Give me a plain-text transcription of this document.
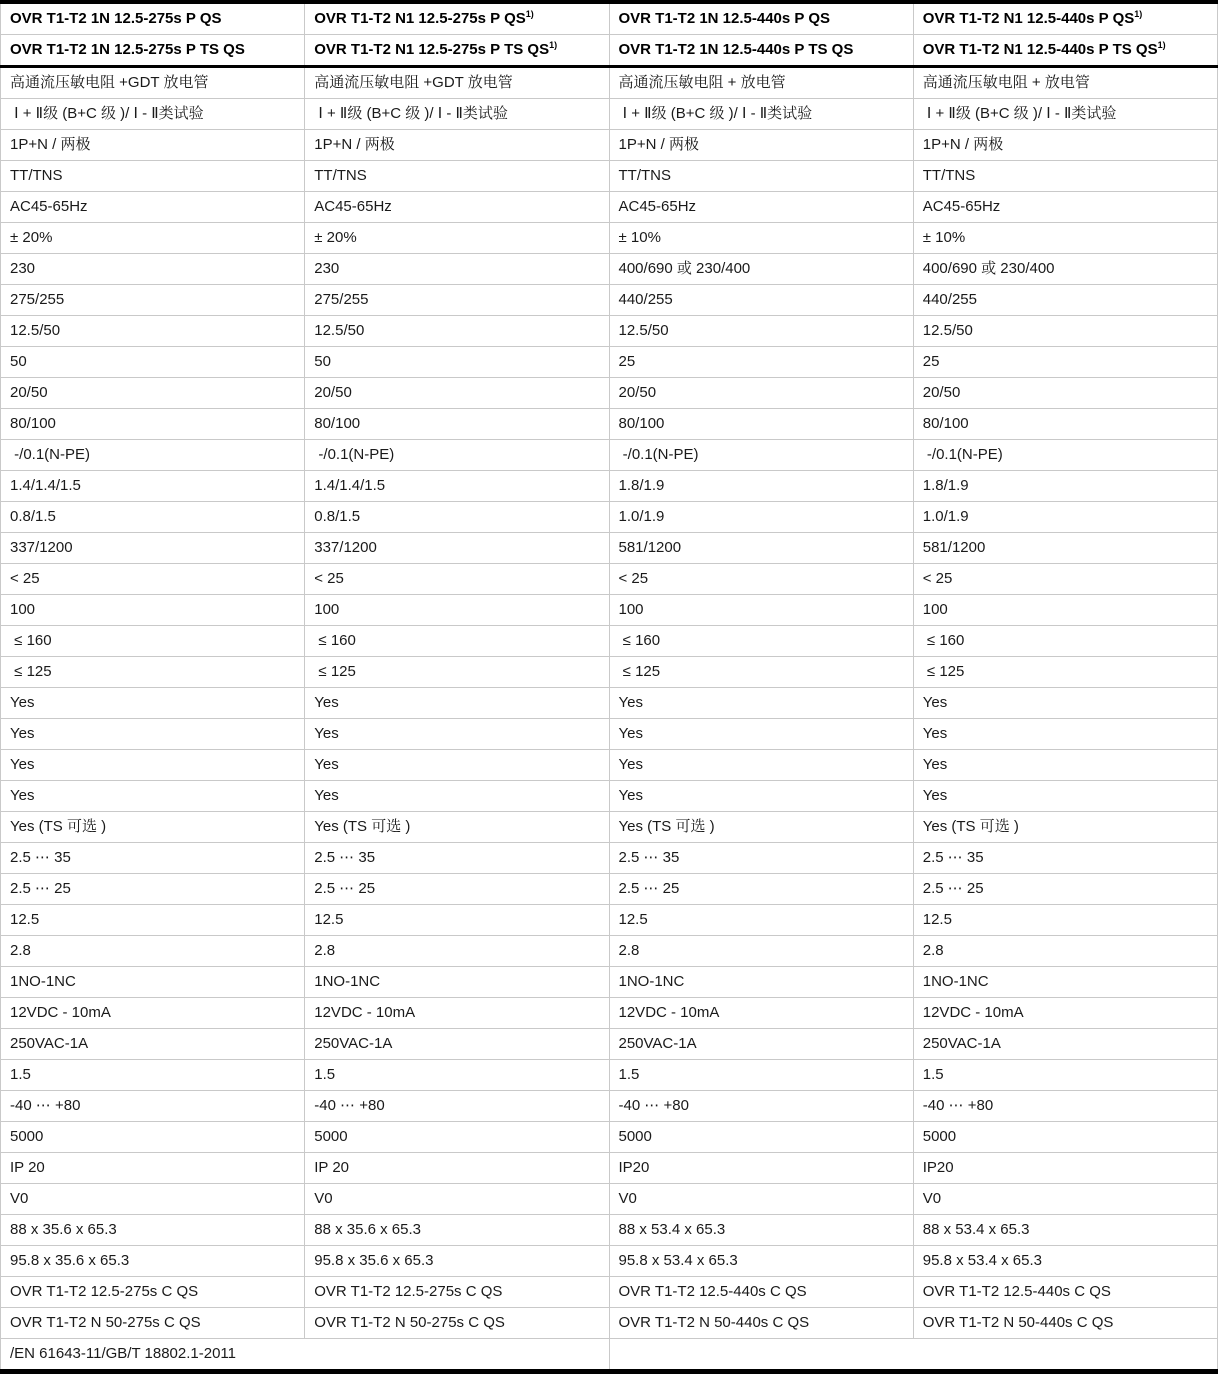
OVR T1-T2 1N 12.5-275s P QS	OVR T1-T2 N1 12.5-275s P QS$^{1)}$	OVR T1-T2 1N 12.5-440s P QS	OVR T1-T2 N1 12.5-440s P QS$^{1)}$
OVR T1-T2 1N 12.5-275s P TS QS	OVR T1-T2 N1 12.5-275s P TS QS$^{1)}$	OVR T1-T2 1N 12.5-440s P TS QS	OVR T1-T2 N1 12.5-440s P TS QS$^{1)}$
高通流压敏电阻 +GDT 放电管	高通流压敏电阻 +GDT 放电管	高通流压敏电阻 + 放电管	高通流压敏电阻 + 放电管
Ⅰ + Ⅱ级 (B+C 级 )/ Ⅰ - Ⅱ类试验	Ⅰ + Ⅱ级 (B+C 级 )/ Ⅰ - Ⅱ类试验	Ⅰ + Ⅱ级 (B+C 级 )/ Ⅰ - Ⅱ类试验	Ⅰ + Ⅱ级 (B+C 级 )/ Ⅰ - Ⅱ类试验
1P+N / 两极	1P+N / 两极	1P+N / 两极	1P+N / 两极
TT/TNS	TT/TNS	TT/TNS	TT/TNS
AC45-65Hz	AC45-65Hz	AC45-65Hz	AC45-65Hz
± 20%	± 20%	± 10%	± 10%
230	230	400/690 或 230/400	400/690 或 230/400
275/255	275/255	440/255	440/255
12.5/50	12.5/50	12.5/50	12.5/50
50	50	25	25
20/50	20/50	20/50	20/50
80/100	80/100	80/100	80/100
-/0.1(N-PE)	-/0.1(N-PE)	-/0.1(N-PE)	-/0.1(N-PE)
1.4/1.4/1.5	1.4/1.4/1.5	1.8/1.9	1.8/1.9
0.8/1.5	0.8/1.5	1.0/1.9	1.0/1.9
337/1200	337/1200	581/1200	581/1200
< 25	< 25	< 25	< 25
100	100	100	100
≤ 160	≤ 160	≤ 160	≤ 160
≤ 125	≤ 125	≤ 125	≤ 125
Yes	Yes	Yes	Yes
Yes	Yes	Yes	Yes
Yes	Yes	Yes	Yes
Yes	Yes	Yes	Yes
Yes (TS 可选 )	Yes (TS 可选 )	Yes (TS 可选 )	Yes (TS 可选 )
2.5 ⋯ 35	2.5 ⋯ 35	2.5 ⋯ 35	2.5 ⋯ 35
2.5 ⋯ 25	2.5 ⋯ 25	2.5 ⋯ 25	2.5 ⋯ 25
12.5	12.5	12.5	12.5
2.8	2.8	2.8	2.8
1NO-1NC	1NO-1NC	1NO-1NC	1NO-1NC
12VDC - 10mA	12VDC - 10mA	12VDC - 10mA	12VDC - 10mA
250VAC-1A	250VAC-1A	250VAC-1A	250VAC-1A
1.5	1.5	1.5	1.5
-40 ⋯ +80	-40 ⋯ +80	-40 ⋯ +80	-40 ⋯ +80
5000	5000	5000	5000
IP 20	IP 20	IP20	IP20
V0	V0	V0	V0
88 x 35.6 x 65.3	88 x 35.6 x 65.3	88 x 53.4 x 65.3	88 x 53.4 x 65.3
95.8 x 35.6 x 65.3	95.8 x 35.6 x 65.3	95.8 x 53.4 x 65.3	95.8 x 53.4 x 65.3
OVR T1-T2 12.5-275s C QS	OVR T1-T2 12.5-275s C QS	OVR T1-T2 12.5-440s C QS	OVR T1-T2 12.5-440s C QS
OVR T1-T2 N 50-275s C QS	OVR T1-T2 N 50-275s C QS	OVR T1-T2 N 50-440s C QS	OVR T1-T2 N 50-440s C QS
/EN 61643-11/GB/T 18802.1-2011			
